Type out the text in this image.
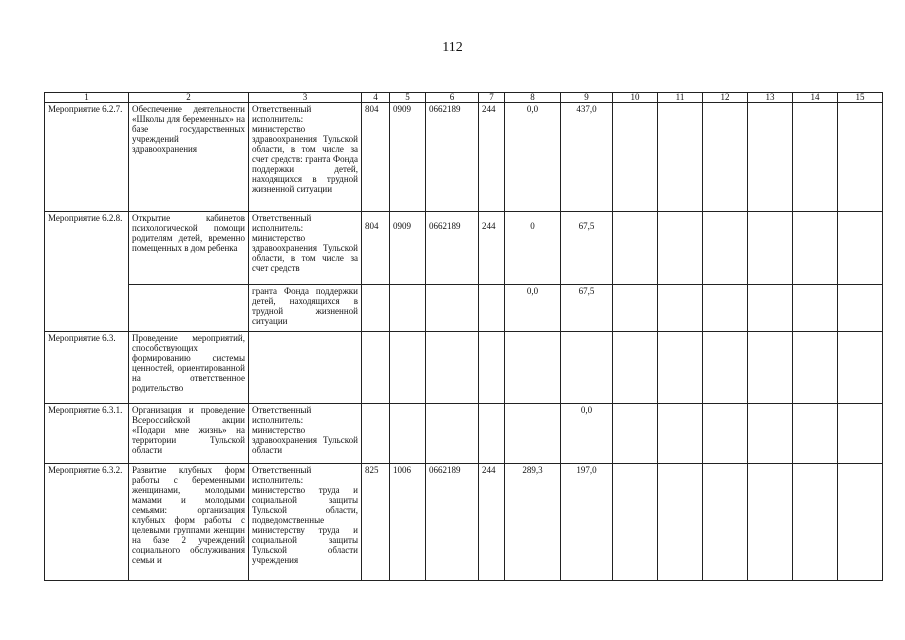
112
1	2	3	4	5	6	7	8	9	10	11	12	13	14	15
Мероприятие 6.2.7.	Обеспечение деятельности «Школы для беременных» на базе государственных учреждений здравоохранения	Ответственный исполнитель: министерство здравоохранения Тульской области, в том числе за счет средств: гранта Фонда поддержки детей, находящихся в трудной жизненной ситуации	804	0909	0662189	244	0,0	437,0						
Мероприятие 6.2.8.	Открытие кабинетов психологической помощи родителям детей, временно помещенных в дом ребенка	Ответственный исполнитель: министерство здравоохранения Тульской области, в том числе за счет средств	804	0909	0662189	244	0	67,5						
		гранта Фонда поддержки детей, находящихся в трудной жизненной ситуации					0,0	67,5						
Мероприятие 6.3.	Проведение мероприятий, способствующих формированию системы ценностей, ориентированной на ответственное родительство													
Мероприятие 6.3.1.	Организация и проведение Всероссийской акции «Подари мне жизнь» на территории Тульской области	Ответственный исполнитель: министерство здравоохранения Тульской области						0,0						
Мероприятие 6.3.2.	Развитие клубных форм работы с беременными женщинами, молодыми мамами и молодыми семьями: организация клубных форм работы с целевыми группами женщин на базе 2 учреждений социального обслуживания семьи и	Ответственный исполнитель: министерство труда и социальной защиты Тульской области, подведомственные министерству труда и социальной защиты Тульской области учреждения	825	1006	0662189	244	289,3	197,0						
